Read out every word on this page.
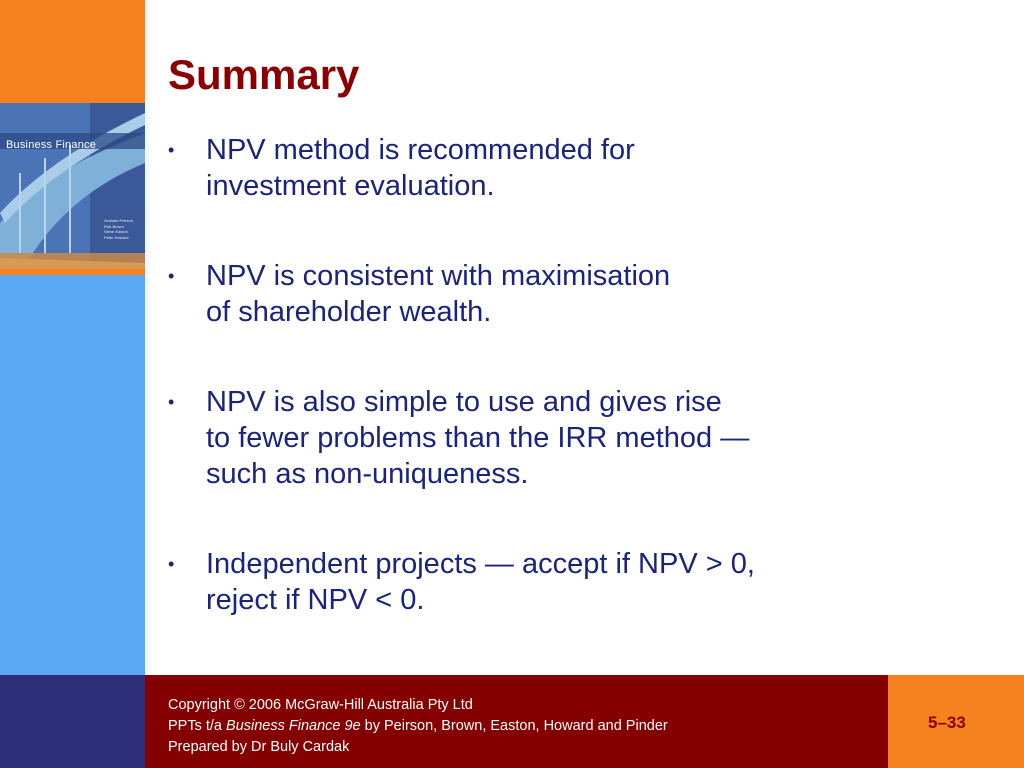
Business Finance
Graham Peirson
Rob Brown
Steve Easton
Peter Howard
Summary
• NPV method is recommended for
investment evaluation.
• NPV is consistent with maximisation
of shareholder wealth.
• NPV is also simple to use and gives rise
to fewer problems than the IRR method —
such as non-uniqueness.
• Independent projects — accept if NPV > 0,
reject if NPV < 0.
Copyright © 2006 McGraw-Hill Australia Pty Ltd
PPTs t/a Business Finance 9e by Peirson, Brown, Easton, Howard and Pinder
Prepared by Dr Buly Cardak
5–33
